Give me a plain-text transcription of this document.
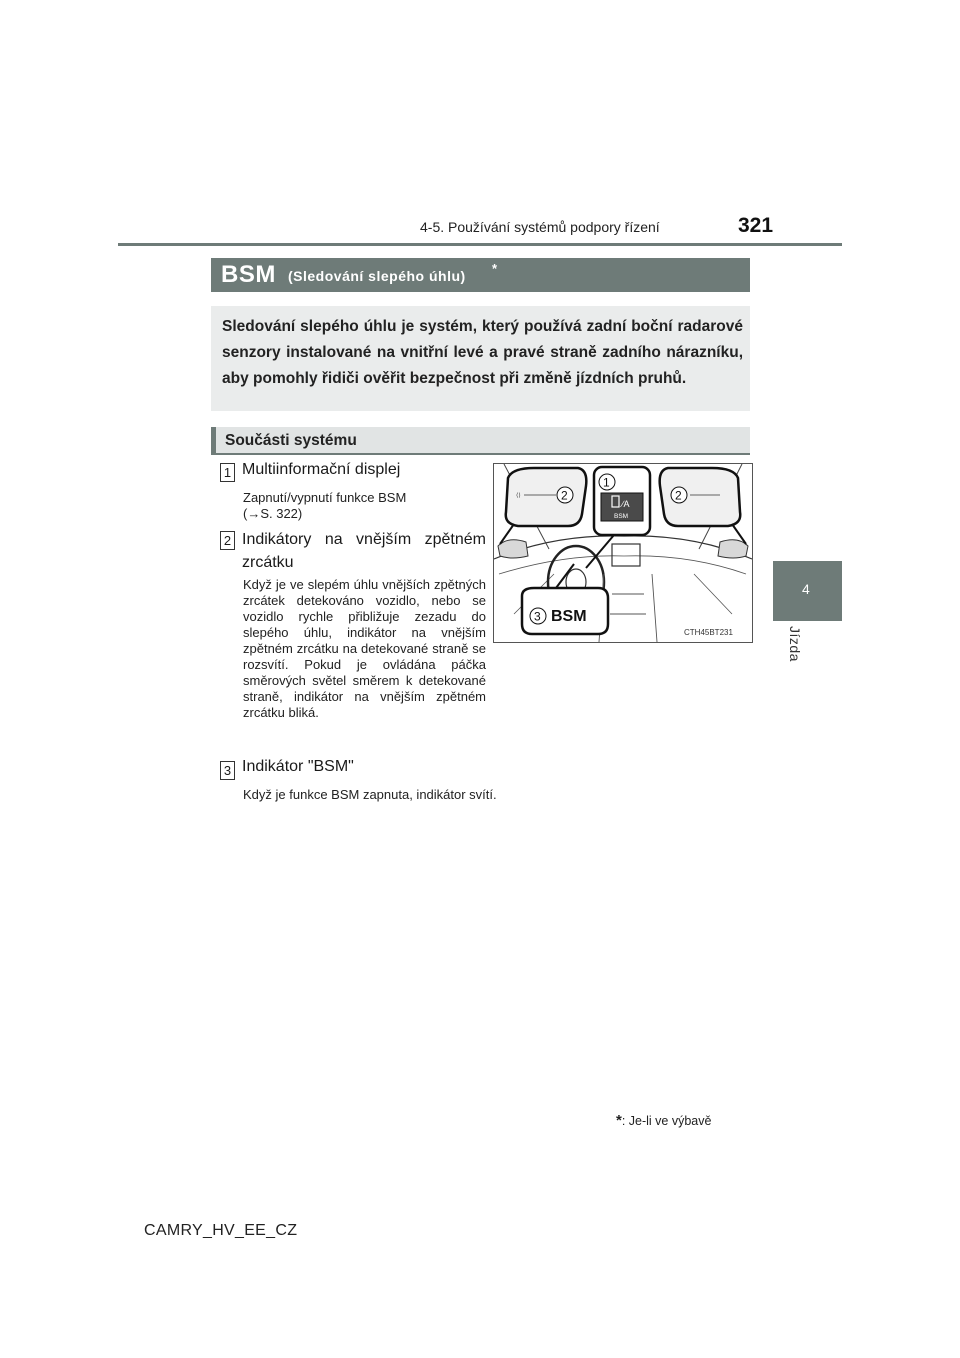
4-5. Používání systémů podpory řízení	321
4
Jízda
BSM (Sledování slepého úhlu) *
Sledování slepého úhlu je systém, který používá zadní boční radarové senzory instalované na vnitřní levé a pravé straně zadního nárazníku, aby pomohly řidiči ověřit bezpečnost při změně jízdních pruhů.
Součásti systému
1 Multiinformační displej
Zapnutí/vypnutí funkce BSM
(→S. 322)
2 Indikátory na vnějším zpětném zrcátku
Když je ve slepém úhlu vnějších zpětných zrcátek detekováno vozidlo, nebo se vozidlo rychle přibližuje zezadu do slepého úhlu, indikátor na vnějším zpětném zrcátku na detekované straně se rozsvítí. Pokud je ovládána páčka směrových světel směrem k detekované straně, indikátor na vnějším zpětném zrcátku bliká.
3 Indikátor "BSM"
Když je funkce BSM zapnuta, indikátor svítí.
⟨⟩
∕A
BSM
BSM
2	2
1
3
CTH45BT231
*: Je-li ve výbavě
CAMRY_HV_EE_CZ
